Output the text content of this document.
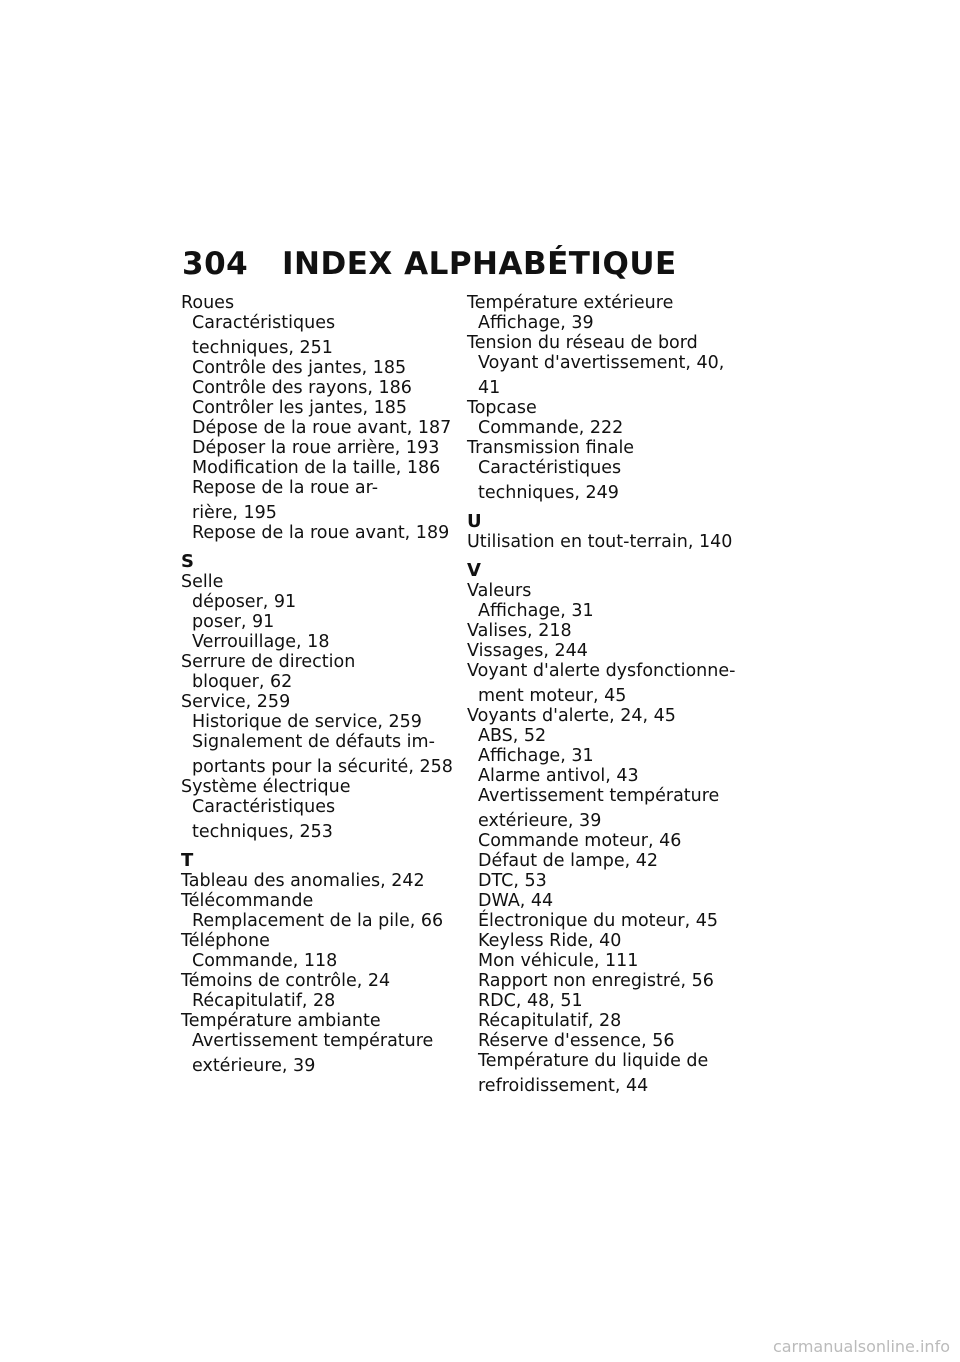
304 INDEX ALPHABÉTIQUE
Roues
Caractéristiques
techniques, 251
Contrôle des jantes, 185
Contrôle des rayons, 186
Contrôler les jantes, 185
Dépose de la roue avant, 187
Déposer la roue arrière, 193
Modification de la taille, 186
Repose de la roue ar-
rière, 195
Repose de la roue avant, 189
S
Selle
déposer, 91
poser, 91
Verrouillage, 18
Serrure de direction
bloquer, 62
Service, 259
Historique de service, 259
Signalement de défauts im-
portants pour la sécurité, 258
Système électrique
Caractéristiques
techniques, 253
T
Tableau des anomalies, 242
Télécommande
Remplacement de la pile, 66
Téléphone
Commande, 118
Témoins de contrôle, 24
Récapitulatif, 28
Température ambiante
Avertissement température
extérieure, 39
Température extérieure
Affichage, 39
Tension du réseau de bord
Voyant d'avertissement, 40,
41
Topcase
Commande, 222
Transmission finale
Caractéristiques
techniques, 249
U
Utilisation en tout-terrain, 140
V
Valeurs
Affichage, 31
Valises, 218
Vissages, 244
Voyant d'alerte dysfonctionne-
ment moteur, 45
Voyants d'alerte, 24, 45
ABS, 52
Affichage, 31
Alarme antivol, 43
Avertissement température
extérieure, 39
Commande moteur, 46
Défaut de lampe, 42
DTC, 53
DWA, 44
Électronique du moteur, 45
Keyless Ride, 40
Mon véhicule, 111
Rapport non enregistré, 56
RDC, 48, 51
Récapitulatif, 28
Réserve d'essence, 56
Température du liquide de
refroidissement, 44
carmanualsonline.info
